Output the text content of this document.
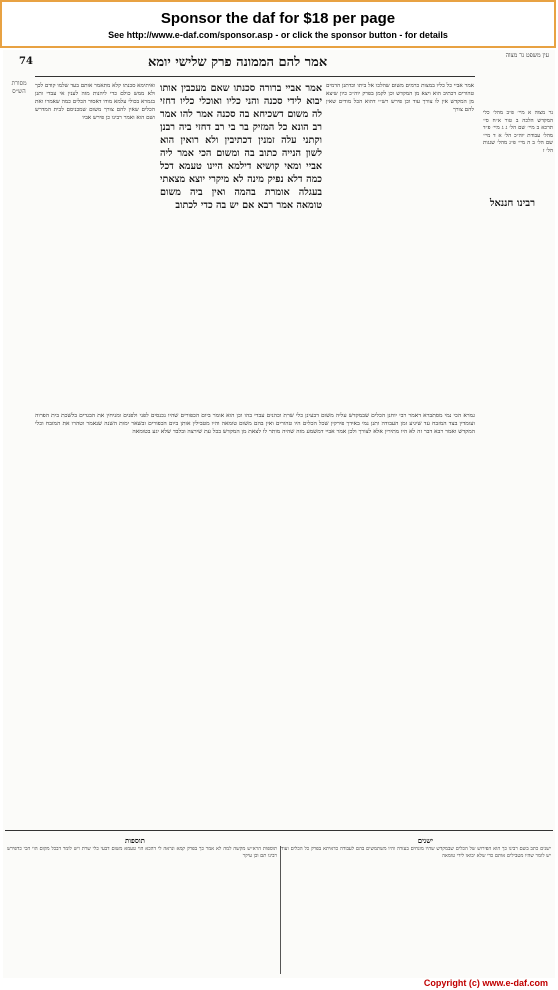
Sponsor the daf for $18 per page
See http://www.e-daf.com/sponsor.asp - or click the sponsor button - for details
74	אמר להם הממונה פרק שלישי יומא	עין משפט נר מצוה
מסורת הש״ס
ואיתימא סכנתו קלא מתאמר אותם בעד שלמו קודם לכך ולא ממש כולם כדי ליהנות מזה לענין אי עבדי ותנן בגמרא בכולי עלמא מודו דאסור הכלים כמה שאמרו ואת הכלים שאין להם צורך משום שמכניסם לבית המדרש ושם הוא ואמר רבינו כן פירש אביו
אמר אביי ברורה סכנתו שאם מעכבין אותו יבוא לידי סכנה והני כליו ואוכלי כליו דחזי לה משום דשכיחא בה סכנה אמר להו אמר רב הונא כל המזיק בר בי רב דחזי ביה רבנן וקתני עלה זמנין דכתיבין ולא רואין הוא לשון הנייה כתוב בה ומשום הכי אמר ליה אביי ומאי קושיא דילמא היינו טעמא דכל כמה דלא נפיק מינה לא מיקרי יוצא מצאתי בעגלה אומרת בהמה ואין ביה משום טומאה אמר רבא אם יש בה כדי לכתוב
אמר אביי כל כליו במצות כרמים משום שהלכו אל ביתו וכדתנן הדמים טהורים דכתיב הוא ויצא מן המקדש וכן לקמן בפרק יוה״כ כיון שיצא מן המקדש אין לו צורך עוד וכן פירש רש״י דהוא הכל מודים שאין להם צורך
רבינו חננאל
נר מצוה א מיי׳ פ״ב מהל׳ כלי המקדש הלכה ב טור א״ח סי׳ תרכא ב מיי׳ שם הל׳ ג ג מיי׳ פ״ד מהל׳ עבודת יוה״כ הל׳ א ד מיי׳ שם הל׳ ב ה מיי׳ פ״ג מהל׳ שגגות הל׳ ז
גמרא הכי נמי מסתברא דאמר רבי יוחנן הכלים שבמקדש עליה משום דבעינן כלי שרת וכהנים עבדי בהו וכן הוא אומר ביום הכפורים שהיו נכנסים לפני ולפנים ומניחין את הבגדים בלשכת בית הפרוה ועומדין בצד המזבח עד שיגיע זמן העבודה ותנן נמי באידך פירקין שכל הכלים היו טהורים ואין בהם משום טומאה והיו מטבילין אותן ביום הכפורים ובשאר ימות השנה שנאמר וטהרו את המזבח וכלי המקדש ואמר רבא דבר זה לא היו מתירין אלא לצורך ולכן אמר אביי דמשמע מזה שהיה מותר לו לצאת מן המקדש בכל עת שירצה ובלבד שלא יגע בטומאה
ישנים
תוספות
ישנים כתב בשם רבינו כך הוא הפירוש של הכלים שבמקדש שהיו מונחים בעזרה והיו משתמשים בהם לעבודה כדאיתא בפרק כל הכלים ועוד יש לומר שהיו מטבילים אותם כדי שלא יבואו לידי טומאה
תוספות הרא״ש מקשה למה לא אמר כך בפרק קמא ונראה לי דהכא הוי טעמא משום דבעי כלי שרת ויש לומר דבכל מקום הוי הכי כדפירש רבינו תם וכן עיקר
Copyright (c) www.e-daf.com
